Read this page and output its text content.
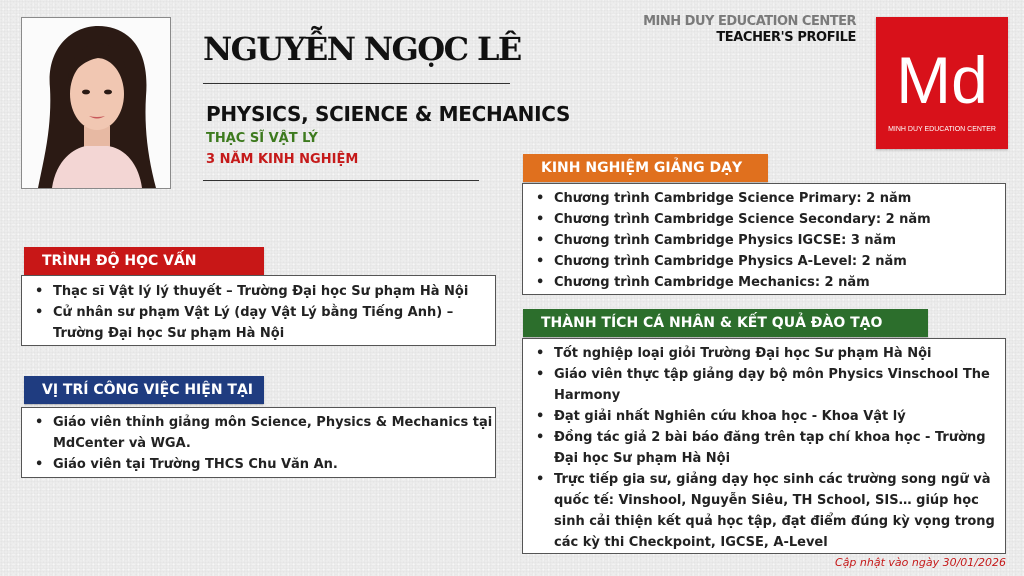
NGUYỄN NGỌC LÊ
PHYSICS, SCIENCE & MECHANICS
THẠC SĨ VẬT LÝ
3 NĂM KINH NGHIỆM
MINH DUY EDUCATION CENTER
TEACHER'S PROFILE
Md
MINH DUY EDUCATION CENTER
TRÌNH ĐỘ HỌC VẤN
• Thạc sĩ Vật lý lý thuyết – Trường Đại học Sư phạm Hà Nội
• Cử nhân sư phạm Vật Lý (dạy Vật Lý bằng Tiếng Anh) – Trường Đại học Sư phạm Hà Nội
VỊ TRÍ CÔNG VIỆC HIỆN TẠI
• Giáo viên thỉnh giảng môn Science, Physics & Mechanics tại MdCenter và WGA.
• Giáo viên tại Trường THCS Chu Văn An.
KINH NGHIỆM GIẢNG DẠY
• Chương trình Cambridge Science Primary: 2 năm
• Chương trình Cambridge Science Secondary: 2 năm
• Chương trình Cambridge Physics IGCSE: 3 năm
• Chương trình Cambridge Physics A-Level: 2 năm
• Chương trình Cambridge Mechanics: 2 năm
THÀNH TÍCH CÁ NHÂN & KẾT QUẢ ĐÀO TẠO
• Tốt nghiệp loại giỏi Trường Đại học Sư phạm Hà Nội
• Giáo viên thực tập giảng dạy bộ môn Physics Vinschool The Harmony
• Đạt giải nhất Nghiên cứu khoa học - Khoa Vật lý
• Đồng tác giả 2 bài báo đăng trên tạp chí khoa học - Trường Đại học Sư phạm Hà Nội
• Trực tiếp gia sư, giảng dạy học sinh các trường song ngữ và quốc tế: Vinshool, Nguyễn Siêu, TH School, SIS… giúp học sinh cải thiện kết quả học tập, đạt điểm đúng kỳ vọng trong các kỳ thi Checkpoint, IGCSE, A-Level
Cập nhật vào ngày 30/01/2026
